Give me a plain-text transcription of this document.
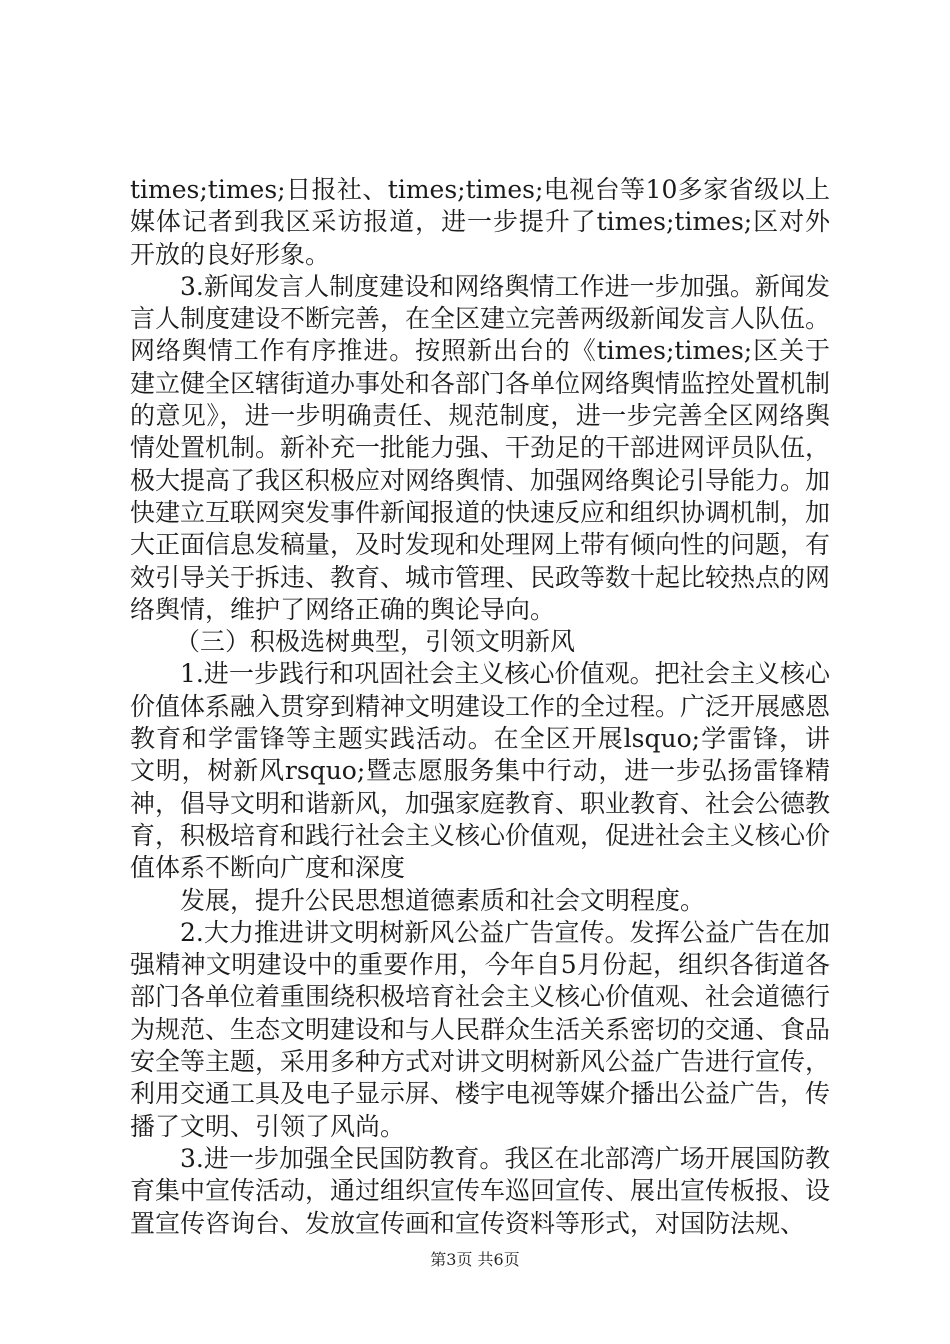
times;times;日报社、times;times;电视台等10多家省级以上媒体记者到我区采访报道，进一步提升了times;times;区对外开放的良好形象。

3.新闻发言人制度建设和网络舆情工作进一步加强。新闻发言人制度建设不断完善，在全区建立完善两级新闻发言人队伍。网络舆情工作有序推进。按照新出台的《times;times;区关于建立健全区辖街道办事处和各部门各单位网络舆情监控处置机制的意见》，进一步明确责任、规范制度，进一步完善全区网络舆情处置机制。新补充一批能力强、干劲足的干部进网评员队伍，极大提高了我区积极应对网络舆情、加强网络舆论引导能力。加快建立互联网突发事件新闻报道的快速反应和组织协调机制，加大正面信息发稿量，及时发现和处理网上带有倾向性的问题，有效引导关于拆违、教育、城市管理、民政等数十起比较热点的网络舆情，维护了网络正确的舆论导向。

（三）积极选树典型，引领文明新风

1.进一步践行和巩固社会主义核心价值观。把社会主义核心价值体系融入贯穿到精神文明建设工作的全过程。广泛开展感恩教育和学雷锋等主题实践活动。在全区开展lsquo;学雷锋，讲文明，树新风rsquo;暨志愿服务集中行动，进一步弘扬雷锋精神，倡导文明和谐新风，加强家庭教育、职业教育、社会公德教育，积极培育和践行社会主义核心价值观，促进社会主义核心价值体系不断向广度和深度

发展，提升公民思想道德素质和社会文明程度。

2.大力推进讲文明树新风公益广告宣传。发挥公益广告在加强精神文明建设中的重要作用，今年自5月份起，组织各街道各部门各单位着重围绕积极培育社会主义核心价值观、社会道德行为规范、生态文明建设和与人民群众生活关系密切的交通、食品安全等主题，采用多种方式对讲文明树新风公益广告进行宣传，利用交通工具及电子显示屏、楼宇电视等媒介播出公益广告，传播了文明、引领了风尚。

3.进一步加强全民国防教育。我区在北部湾广场开展国防教育集中宣传活动，通过组织宣传车巡回宣传、展出宣传板报、设置宣传咨询台、发放宣传画和宣传资料等形式，对国防法规、

第3页 共6页
